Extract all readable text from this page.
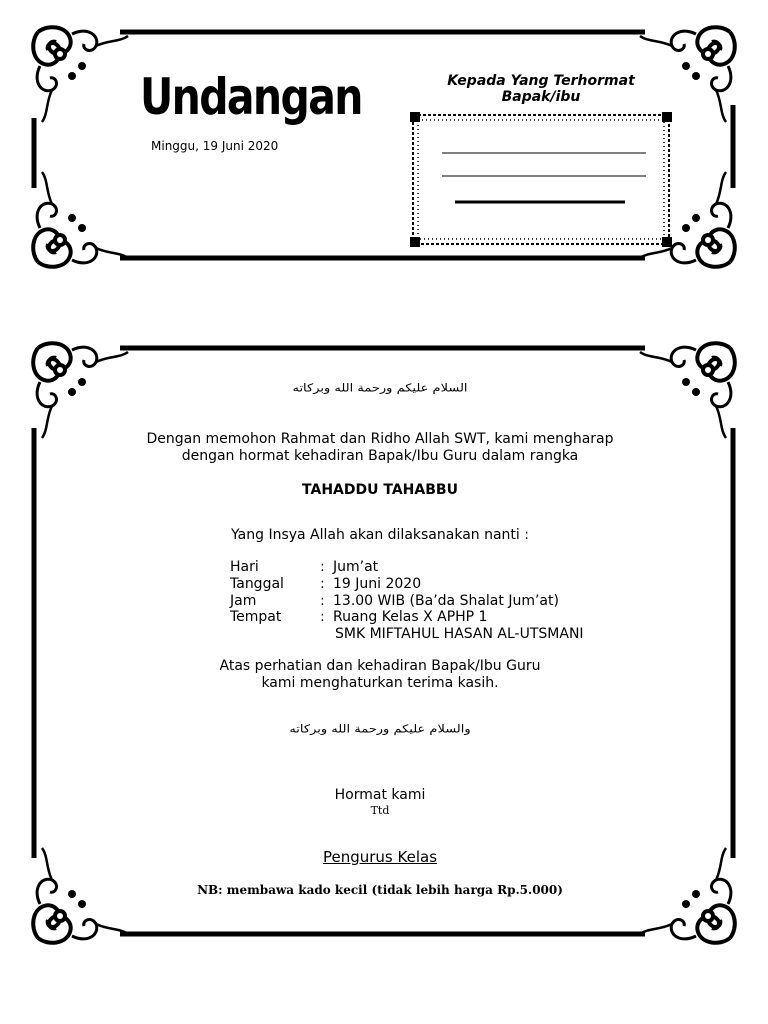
Undangan
Minggu, 19 Juni 2020
Kepada Yang Terhormat
Bapak/ibu
السلام عليكم ورحمة الله وبركاته
Dengan memohon Rahmat dan Ridho Allah SWT, kami mengharap
dengan hormat kehadiran Bapak/Ibu Guru dalam rangka
TAHADDU TAHABBU
Yang Insya Allah akan dilaksanakan nanti :
Hari	: Jum’at
Tanggal	: 19 Juni 2020
Jam	: 13.00 WIB (Ba’da Shalat Jum’at)
Tempat	: Ruang Kelas X APHP 1
SMK MIFTAHUL HASAN AL-UTSMANI
Atas perhatian dan kehadiran Bapak/Ibu Guru
kami menghaturkan terima kasih.
والسلام عليكم ورحمة الله وبركاته
Hormat kami
Ttd
Pengurus Kelas
NB: membawa kado kecil (tidak lebih harga Rp.5.000)
